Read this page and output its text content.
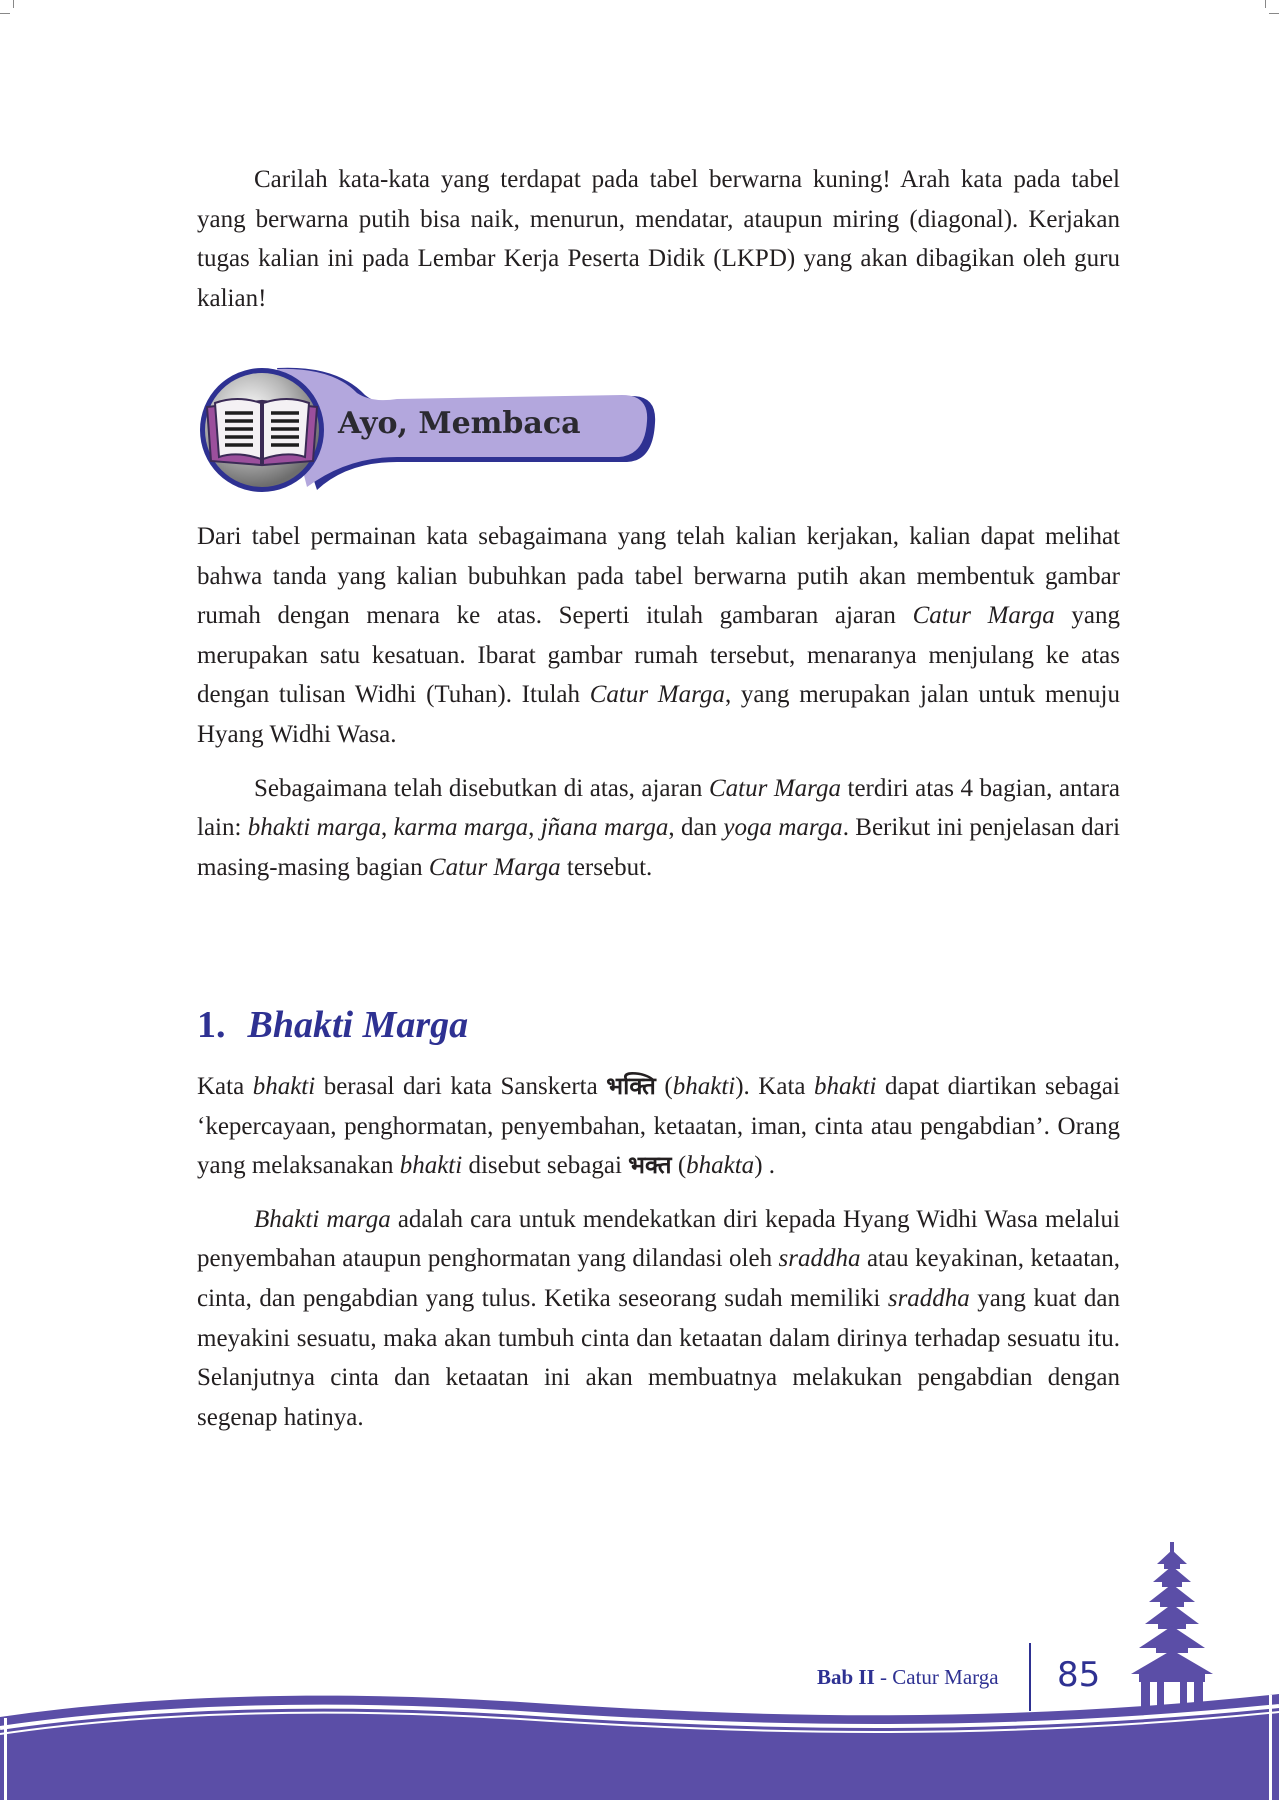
Carilah kata-kata yang terdapat pada tabel berwarna kuning! Arah kata pada tabel yang berwarna putih bisa naik, menurun, mendatar, ataupun miring (diagonal). Kerjakan tugas kalian ini pada Lembar Kerja Peserta Didik (LKPD) yang akan dibagikan oleh guru kalian!

Ayo, Membaca

Dari tabel permainan kata sebagaimana yang telah kalian kerjakan, kalian dapat melihat bahwa tanda yang kalian bubuhkan pada tabel berwarna putih akan membentuk gambar rumah dengan menara ke atas. Seperti itulah gambaran ajaran Catur Marga yang merupakan satu kesatuan. Ibarat gambar rumah tersebut, menaranya menjulang ke atas dengan tulisan Widhi (Tuhan). Itulah Catur Marga, yang merupakan jalan untuk menuju Hyang Widhi Wasa.

Sebagaimana telah disebutkan di atas, ajaran Catur Marga terdiri atas 4 bagian, antara lain: bhakti marga, karma marga, jñana marga, dan yoga marga. Berikut ini penjelasan dari masing-masing bagian Catur Marga tersebut.

1. Bhakti Marga

Kata bhakti berasal dari kata Sanskerta भक्ति (bhakti). Kata bhakti dapat diartikan sebagai ‘kepercayaan, penghormatan, penyembahan, ketaatan, iman, cinta atau pengabdian’. Orang yang melaksanakan bhakti disebut sebagai भक्त (bhakta) .

Bhakti marga adalah cara untuk mendekatkan diri kepada Hyang Widhi Wasa melalui penyembahan ataupun penghormatan yang dilandasi oleh sraddha atau keyakinan, ketaatan, cinta, dan pengabdian yang tulus. Ketika seseorang sudah memiliki sraddha yang kuat dan meyakini sesuatu, maka akan tumbuh cinta dan ketaatan dalam dirinya terhadap sesuatu itu. Selanjutnya cinta dan ketaatan ini akan membuatnya melakukan pengabdian dengan segenap hatinya.

Bab II - Catur Marga 85
